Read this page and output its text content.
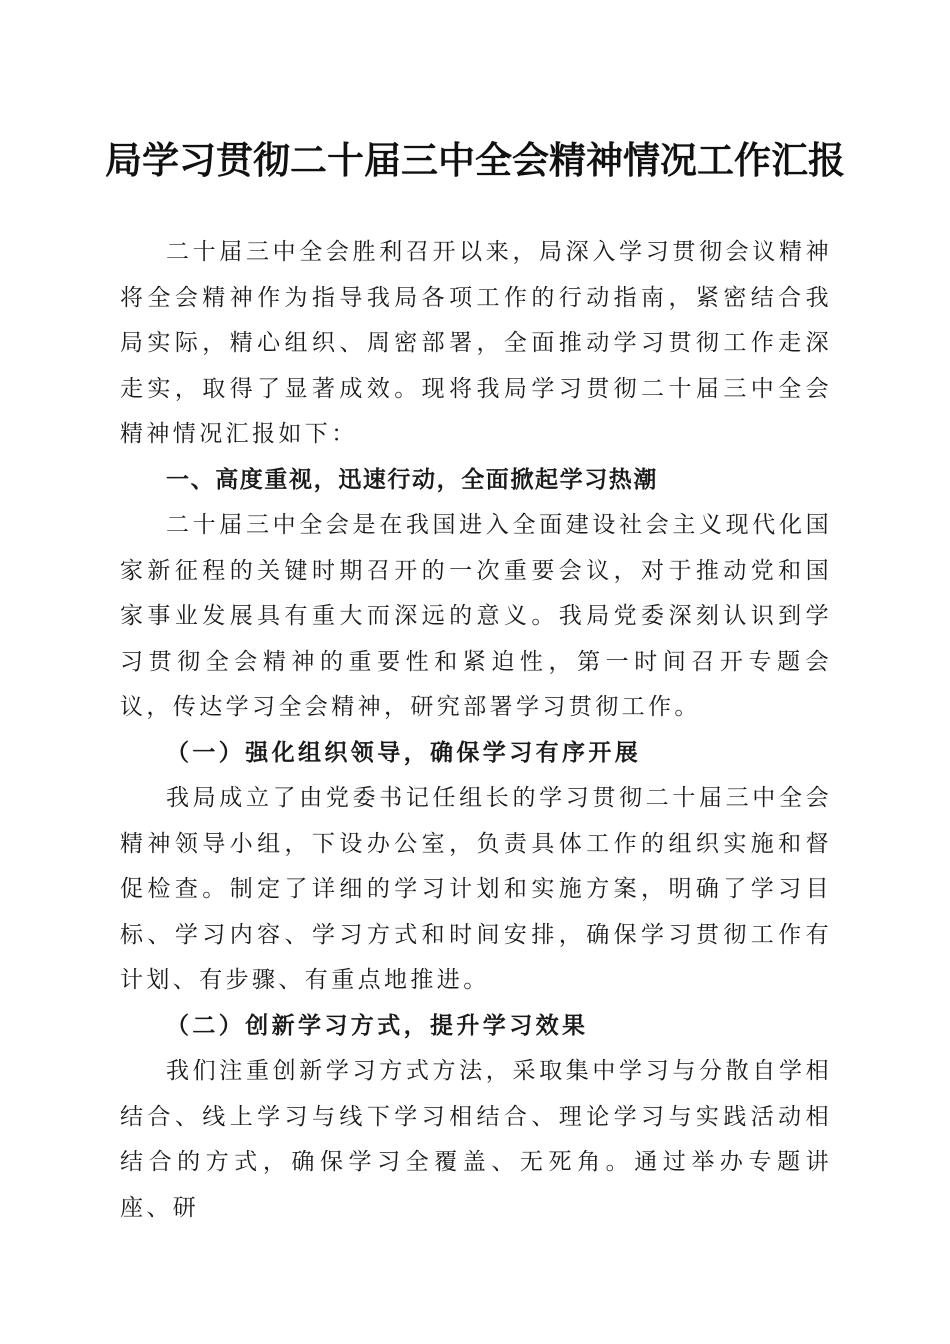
局学习贯彻二十届三中全会精神情况工作汇报

二十届三中全会胜利召开以来，局深入学习贯彻会议精神将全会精神作为指导我局各项工作的行动指南，紧密结合我局实际，精心组织、周密部署，全面推动学习贯彻工作走深走实，取得了显著成效。现将我局学习贯彻二十届三中全会精神情况汇报如下：

一、高度重视，迅速行动，全面掀起学习热潮

二十届三中全会是在我国进入全面建设社会主义现代化国家新征程的关键时期召开的一次重要会议，对于推动党和国家事业发展具有重大而深远的意义。我局党委深刻认识到学习贯彻全会精神的重要性和紧迫性，第一时间召开专题会议，传达学习全会精神，研究部署学习贯彻工作。

（一）强化组织领导，确保学习有序开展

我局成立了由党委书记任组长的学习贯彻二十届三中全会精神领导小组，下设办公室，负责具体工作的组织实施和督促检查。制定了详细的学习计划和实施方案，明确了学习目标、学习内容、学习方式和时间安排，确保学习贯彻工作有计划、有步骤、有重点地推进。

（二）创新学习方式，提升学习效果

我们注重创新学习方式方法，采取集中学习与分散自学相结合、线上学习与线下学习相结合、理论学习与实践活动相结合的方式，确保学习全覆盖、无死角。通过举办专题讲座、研
